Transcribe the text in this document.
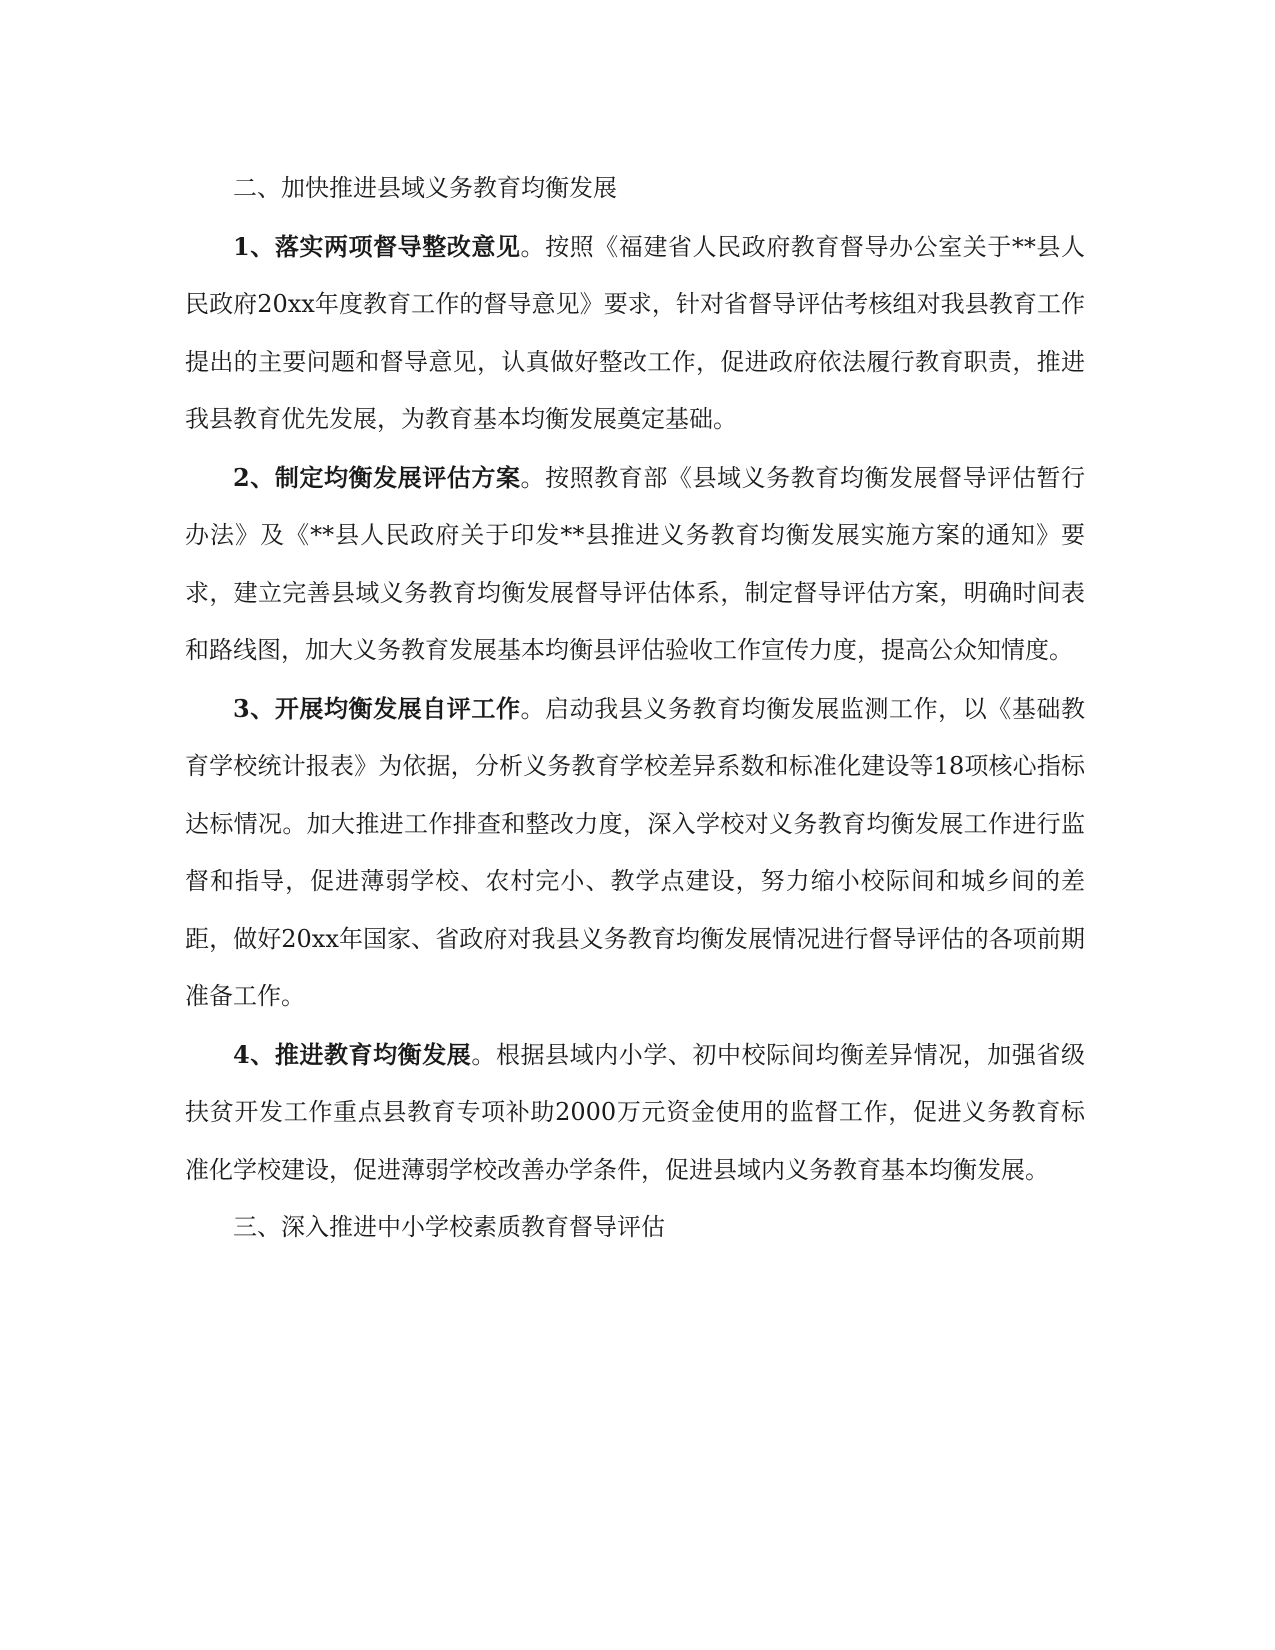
二、加快推进县域义务教育均衡发展

1、落实两项督导整改意见。按照《福建省人民政府教育督导办公室关于**县人民政府20xx年度教育工作的督导意见》要求，针对省督导评估考核组对我县教育工作提出的主要问题和督导意见，认真做好整改工作，促进政府依法履行教育职责，推进我县教育优先发展，为教育基本均衡发展奠定基础。

2、制定均衡发展评估方案。按照教育部《县域义务教育均衡发展督导评估暂行办法》及《**县人民政府关于印发**县推进义务教育均衡发展实施方案的通知》要求，建立完善县域义务教育均衡发展督导评估体系，制定督导评估方案，明确时间表和路线图，加大义务教育发展基本均衡县评估验收工作宣传力度，提高公众知情度。

3、开展均衡发展自评工作。启动我县义务教育均衡发展监测工作，以《基础教育学校统计报表》为依据，分析义务教育学校差异系数和标准化建设等18项核心指标达标情况。加大推进工作排查和整改力度，深入学校对义务教育均衡发展工作进行监督和指导，促进薄弱学校、农村完小、教学点建设，努力缩小校际间和城乡间的差距，做好20xx年国家、省政府对我县义务教育均衡发展情况进行督导评估的各项前期准备工作。

4、推进教育均衡发展。根据县域内小学、初中校际间均衡差异情况，加强省级扶贫开发工作重点县教育专项补助2000万元资金使用的监督工作，促进义务教育标准化学校建设，促进薄弱学校改善办学条件，促进县域内义务教育基本均衡发展。

三、深入推进中小学校素质教育督导评估
